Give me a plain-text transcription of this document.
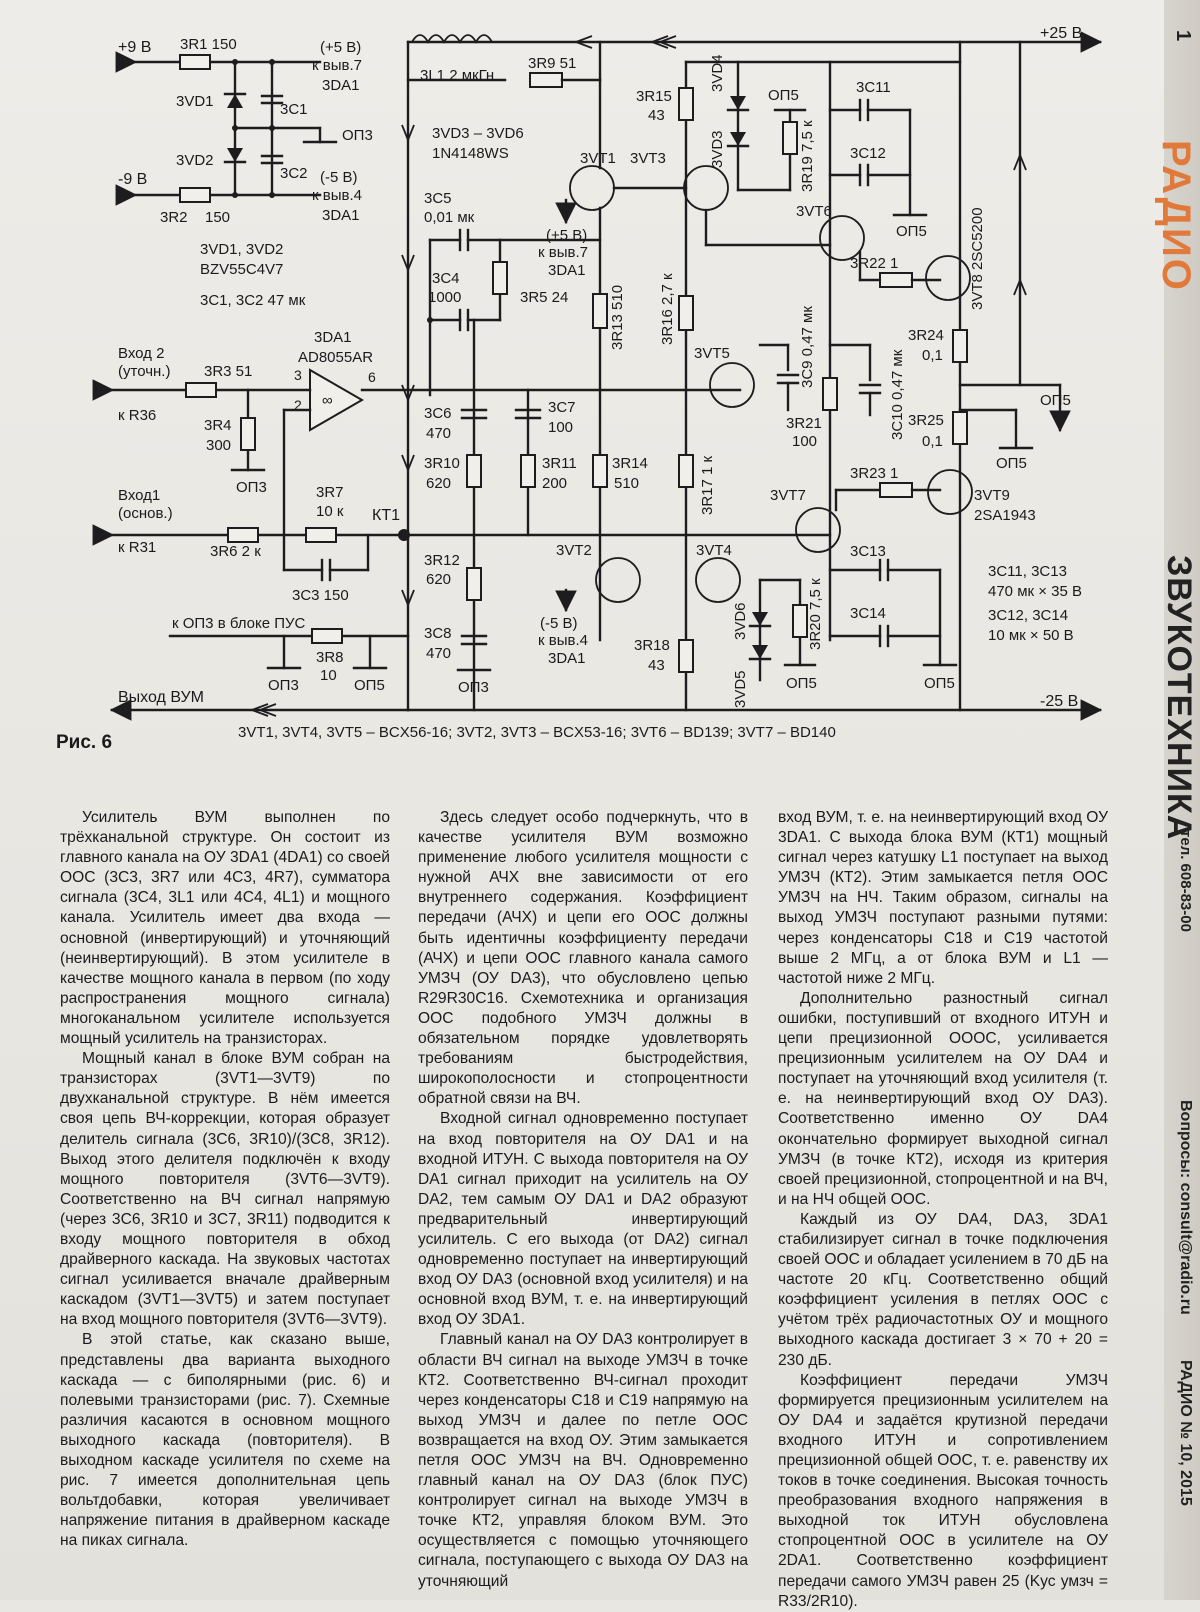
+9 В 3R1 150
-9 В
3R2 150
(+5 В)
к выв.7
3DA1
(-5 В)
к выв.4
3DA1
3VD1
3VD2
3C1
3C2
ОП3
3VD1, 3VD2
BZV55C4V7
3C1, 3C2 47 мк
3L1 2 мкГн
3R9 51
+25 В
3VD3 – 3VD6
1N4148WS
ОП5
ОП5
3R15
43
3VD4
3VD3
ОП5
3R19 7,5 к
3C11
3C12
ОП5
3VT1 3VT3
(+5 В)
к выв.7
3DA1
3C5
0,01 мк
3C4
1000	3R5 24	3R13 510 3R16 2,7 к
3VT6
3R22 1	3VT8 2SC5200
3VT5	3C9 0,47 мк
3R21
100
3C10 0,47 мк
3R24
0,1
3R25
0,1
∞
3DA1
AD8055AR
3
2
6
Вход 2
(уточн.) 3R3 51
к R36
3R4
300
ОП3
3C6
470
3R10
620
3C7
100
3R11
200
3R14
510	3R17 1 к
Вход1
(основ.)
к R31	3R6 2 к
3R7
10 к КТ1
3C3 150
3VT7
3R23 1
3VT9
2SA1943
3VT2	3VT4
(-5 В)
к выв.4
3DA1
3R12
620
3C8
470
ОП3
3VD6
3VD5
3R20 7,5 к
ОП5
3R18
43
3C13
3C14
ОП5
3C11, 3C13
470 мк × 35 В
3C12, 3C14
10 мк × 50 В
к ОП3 в блоке ПУС
3R8
10
ОП3	ОП5
Выход ВУМ	-25 В
3VT1, 3VT4, 3VT5 – BCX56-16; 3VT2, 3VT3 – BCX53-16; 3VT6 – BD139; 3VT7 – BD140
Рис. 6

Усилитель ВУМ выполнен по трёхканальной структуре. Он состоит из главного канала на ОУ 3DA1 (4DA1) со своей ООС (3C3, 3R7 или 4C3, 4R7), сумматора сигнала (3C4, 3L1 или 4C4, 4L1) и мощного канала. Усилитель имеет два входа — основной (инвертирующий) и уточняющий (неинвертирующий). В этом усилителе в качестве мощного канала в первом (по ходу распространения мощного сигнала) многоканальном усилителе используется мощный усилитель на транзисторах.

Мощный канал в блоке ВУМ собран на транзисторах (3VT1—3VT9) по двухканальной структуре. В нём имеется своя цепь ВЧ-коррекции, которая образует делитель сигнала (3C6, 3R10)/(3C8, 3R12). Выход этого делителя подключён к входу мощного повторителя (3VT6—3VT9). Соответственно на ВЧ сигнал напрямую (через 3C6, 3R10 и 3C7, 3R11) подводится к входу мощного повторителя в обход драйверного каскада. На звуковых частотах сигнал усиливается вначале драйверным каскадом (3VT1—3VT5) и затем поступает на вход мощного повторителя (3VT6—3VT9).

В этой статье, как сказано выше, представлены два варианта выходного каскада — с биполярными (рис. 6) и полевыми транзисторами (рис. 7). Схемные различия касаются в основном мощного выходного каскада (повторителя). В выходном каскаде усилителя по схеме на рис. 7 имеется дополнительная цепь вольтдобавки, которая увеличивает напряжение питания в драйверном каскаде на пиках сигнала.

Здесь следует особо подчеркнуть, что в качестве усилителя ВУМ возможно применение любого усилителя мощности с нужной АЧХ вне зависимости от его внутреннего содержания. Коэффициент передачи (АЧХ) и цепи его ООС должны быть идентичны коэффициенту передачи (АЧХ) и цепи ООС главного канала самого УМЗЧ (ОУ DA3), что обусловлено цепью R29R30C16. Схемотехника и организация ООС подобного УМЗЧ должны в обязательном порядке удовлетворять требованиям быстродействия, широкополосности и стопроцентности обратной связи на ВЧ.

Входной сигнал одновременно поступает на вход повторителя на ОУ DA1 и на входной ИТУН. С выхода повторителя на ОУ DA1 сигнал приходит на усилитель на ОУ DA2, тем самым ОУ DA1 и DA2 образуют предварительный инвертирующий усилитель. С его выхода (от DA2) сигнал одновременно поступает на инвертирующий вход ОУ DA3 (основной вход усилителя) и на основной вход ВУМ, т. е. на инвертирующий вход ОУ 3DA1.

Главный канал на ОУ DA3 контролирует в области ВЧ сигнал на выходе УМЗЧ в точке КТ2. Соответственно ВЧ-сигнал проходит через конденсаторы С18 и С19 напрямую на выход УМЗЧ и далее по петле ООС возвращается на вход ОУ. Этим замыкается петля ООС УМЗЧ на ВЧ. Одновременно главный канал на ОУ DA3 (блок ПУС) контролирует сигнал на выходе УМЗЧ в точке КТ2, управляя блоком ВУМ. Это осуществляется с помощью уточняющего сигнала, поступающего с выхода ОУ DA3 на уточняющий

вход ВУМ, т. е. на неинвертирующий вход ОУ 3DA1. С выхода блока ВУМ (КТ1) мощный сигнал через катушку L1 поступает на выход УМЗЧ (КТ2). Этим замыкается петля ООС УМЗЧ на НЧ. Таким образом, сигналы на выход УМЗЧ поступают разными путями: через конденсаторы С18 и С19 частотой выше 2 МГц, а от блока ВУМ и L1 — частотой ниже 2 МГц.

Дополнительно разностный сигнал ошибки, поступивший от входного ИТУН и цепи прецизионной ОООС, усиливается прецизионным усилителем на ОУ DA4 и поступает на уточняющий вход усилителя (т. е. на неинвертирующий вход ОУ DA3). Соответственно именно ОУ DA4 окончательно формирует выходной сигнал УМЗЧ (в точке КТ2), исходя из критерия своей прецизионной, стопроцентной и на ВЧ, и на НЧ общей ООС.

Каждый из ОУ DA4, DA3, 3DA1 стабилизирует сигнал в точке подключения своей ООС и обладает усилением в 70 дБ на частоте 20 кГц. Соответственно общий коэффициент усиления в петлях ООС с учётом трёх радиочастотных ОУ и мощного выходного каскада достигает 3 × 70 + 20 = 230 дБ.

Коэффициент передачи УМЗЧ формируется прецизионным усилителем на ОУ DA4 и задаётся крутизной передачи входного ИТУН и сопротивлением прецизионной общей ООС, т. е. равенству их токов в точке соединения. Высокая точность преобразования входного напряжения в выходной ток ИТУН обусловлена стопроцентной ООС в усилителе на ОУ 2DA1. Соответственно коэффициент передачи самого УМЗЧ равен 25 (Kус умзч = R33/2R10).

1
РАДИО
ЗВУКОТЕХНИКА
тел. 608-83-00
Вопросы: consult@radio.ru
РАДИО № 10, 2015
